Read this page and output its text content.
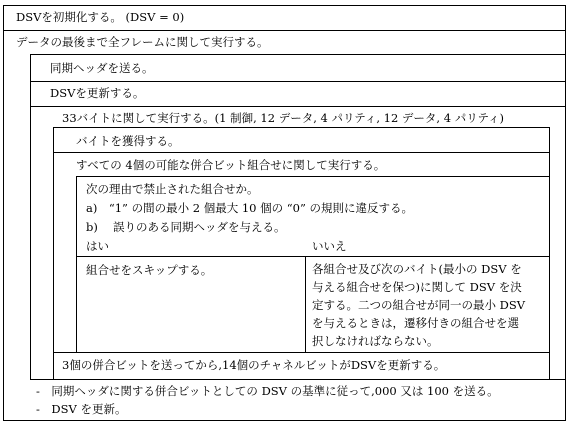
DSVを初期化する。 (DSV = 0)
データの最後まで全フレームに関して実行する。
同期ヘッダを送る。
DSVを更新する。
33バイトに関して実行する。(1 制御, 12 データ, 4 パリティ, 12 データ, 4 パリティ)
バイトを獲得する。
すべての 4個の可能な併合ビット組合せに関して実行する。
次の理由で禁止された組合せか。
a)　“1” の間の最小 2 個最大 10 個の “0” の規則に違反する。
b)　 誤りのある同期ヘッダを与える。
はい	いいえ
組合せをスキップする。	各組合せ及び次のバイト(最小の DSV を
与える組合せを保つ)に関して DSV を決
定する。二つの組合せが同一の最小 DSV
を与えるときは，遷移付きの組合せを選
択しなければならない。
3個の併合ビットを送ってから,14個のチャネルビットがDSVを更新する。
-　同期ヘッダに関する併合ビットとしての DSV の基準に従って,000 又は 100 を送る。
-　DSV を更新。
